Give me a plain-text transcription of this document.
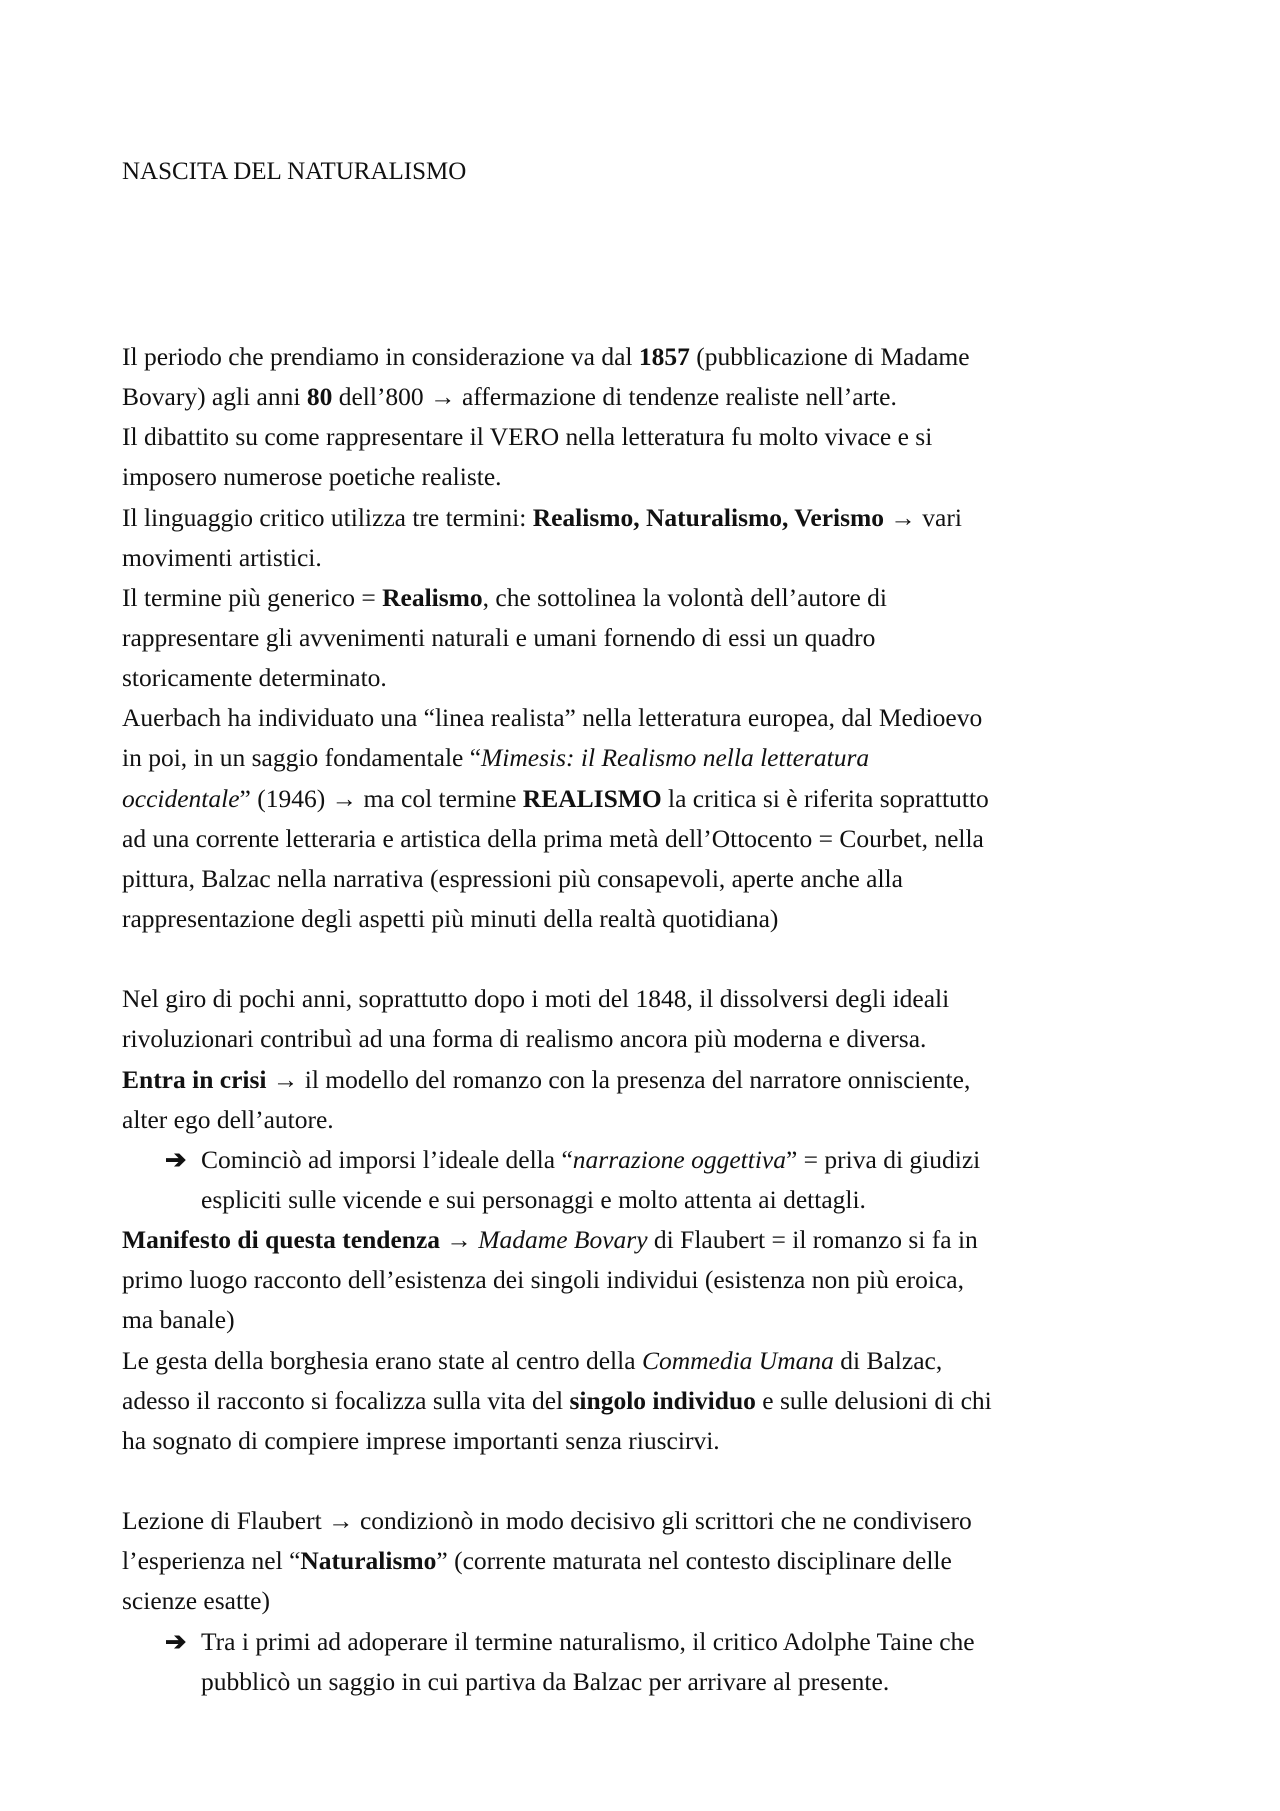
NASCITA DEL NATURALISMO
Il periodo che prendiamo in considerazione va dal 1857 (pubblicazione di Madame
Bovary) agli anni 80 dell’800 → affermazione di tendenze realiste nell’arte.
Il dibattito su come rappresentare il VERO nella letteratura fu molto vivace e si
imposero numerose poetiche realiste.
Il linguaggio critico utilizza tre termini: Realismo, Naturalismo, Verismo → vari
movimenti artistici.
Il termine più generico = Realismo, che sottolinea la volontà dell’autore di
rappresentare gli avvenimenti naturali e umani fornendo di essi un quadro
storicamente determinato.
Auerbach ha individuato una “linea realista” nella letteratura europea, dal Medioevo
in poi, in un saggio fondamentale “Mimesis: il Realismo nella letteratura
occidentale” (1946) → ma col termine REALISMO la critica si è riferita soprattutto
ad una corrente letteraria e artistica della prima metà dell’Ottocento = Courbet, nella
pittura, Balzac nella narrativa (espressioni più consapevoli, aperte anche alla
rappresentazione degli aspetti più minuti della realtà quotidiana)
Nel giro di pochi anni, soprattutto dopo i moti del 1848, il dissolversi degli ideali
rivoluzionari contribuì ad una forma di realismo ancora più moderna e diversa.
Entra in crisi → il modello del romanzo con la presenza del narratore onnisciente,
alter ego dell’autore.
➔ Cominciò ad imporsi l’ideale della “narrazione oggettiva” = priva di giudizi
espliciti sulle vicende e sui personaggi e molto attenta ai dettagli.
Manifesto di questa tendenza → Madame Bovary di Flaubert = il romanzo si fa in
primo luogo racconto dell’esistenza dei singoli individui (esistenza non più eroica,
ma banale)
Le gesta della borghesia erano state al centro della Commedia Umana di Balzac,
adesso il racconto si focalizza sulla vita del singolo individuo e sulle delusioni di chi
ha sognato di compiere imprese importanti senza riuscirvi.
Lezione di Flaubert → condizionò in modo decisivo gli scrittori che ne condivisero
l’esperienza nel “Naturalismo” (corrente maturata nel contesto disciplinare delle
scienze esatte)
➔ Tra i primi ad adoperare il termine naturalismo, il critico Adolphe Taine che
pubblicò un saggio in cui partiva da Balzac per arrivare al presente.
